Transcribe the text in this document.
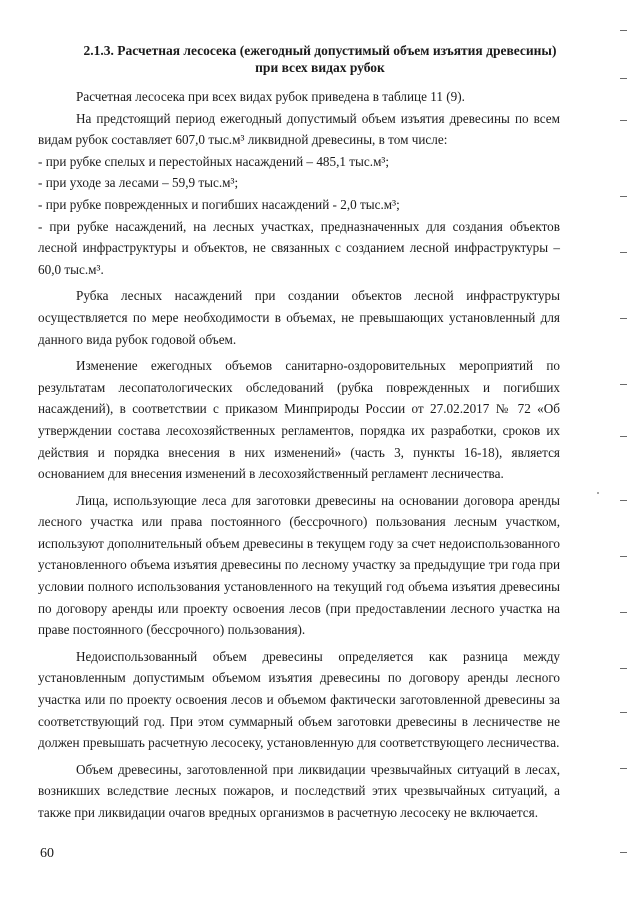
2.1.3. Расчетная лесосека (ежегодный допустимый объем изъятия древесины)
при всех видах рубок

Расчетная лесосека при всех видах рубок приведена в таблице 11 (9).

На предстоящий период ежегодный допустимый объем изъятия древесины по всем видам рубок составляет 607,0 тыс.м³ ликвидной древесины, в том числе:

- при рубке спелых и перестойных насаждений – 485,1 тыс.м³;

- при уходе за лесами – 59,9 тыс.м³;

- при рубке поврежденных и погибших насаждений - 2,0 тыс.м³;

- при рубке насаждений, на лесных участках, предназначенных для создания объектов лесной инфраструктуры и объектов, не связанных с созданием лесной инфраструктуры – 60,0 тыс.м³.

Рубка лесных насаждений при создании объектов лесной инфраструктуры осуществляется по мере необходимости в объемах, не превышающих установленный для данного вида рубок годовой объем.

Изменение ежегодных объемов санитарно-оздоровительных мероприятий по результатам лесопатологических обследований (рубка поврежденных и погибших насаждений), в соответствии с приказом Минприроды России от 27.02.2017 № 72 «Об утверждении состава лесохозяйственных регламентов, порядка их разработки, сроков их действия и порядка внесения в них изменений» (часть 3, пункты 16-18), является основанием для внесения изменений в лесохозяйственный регламент лесничества.

Лица, использующие леса для заготовки древесины на основании договора аренды лесного участка или права постоянного (бессрочного) пользования лесным участком, используют дополнительный объем древесины в текущем году за счет недоиспользованного установленного объема изъятия древесины по лесному участку за предыдущие три года при условии полного использования установленного на текущий год объема изъятия древесины по договору аренды или проекту освоения лесов (при предоставлении лесного участка на праве постоянного (бессрочного) пользования).

Недоиспользованный объем древесины определяется как разница между установленным допустимым объемом изъятия древесины по договору аренды лесного участка или по проекту освоения лесов и объемом фактически заготовленной древесины за соответствующий год. При этом суммарный объем заготовки древесины в лесничестве не должен превышать расчетную лесосеку, установленную для соответствующего лесничества.

Объем древесины, заготовленной при ликвидации чрезвычайных ситуаций в лесах, возникших вследствие лесных пожаров, и последствий этих чрезвычайных ситуаций, а также при ликвидации очагов вредных организмов в расчетную лесосеку не включается.

60
